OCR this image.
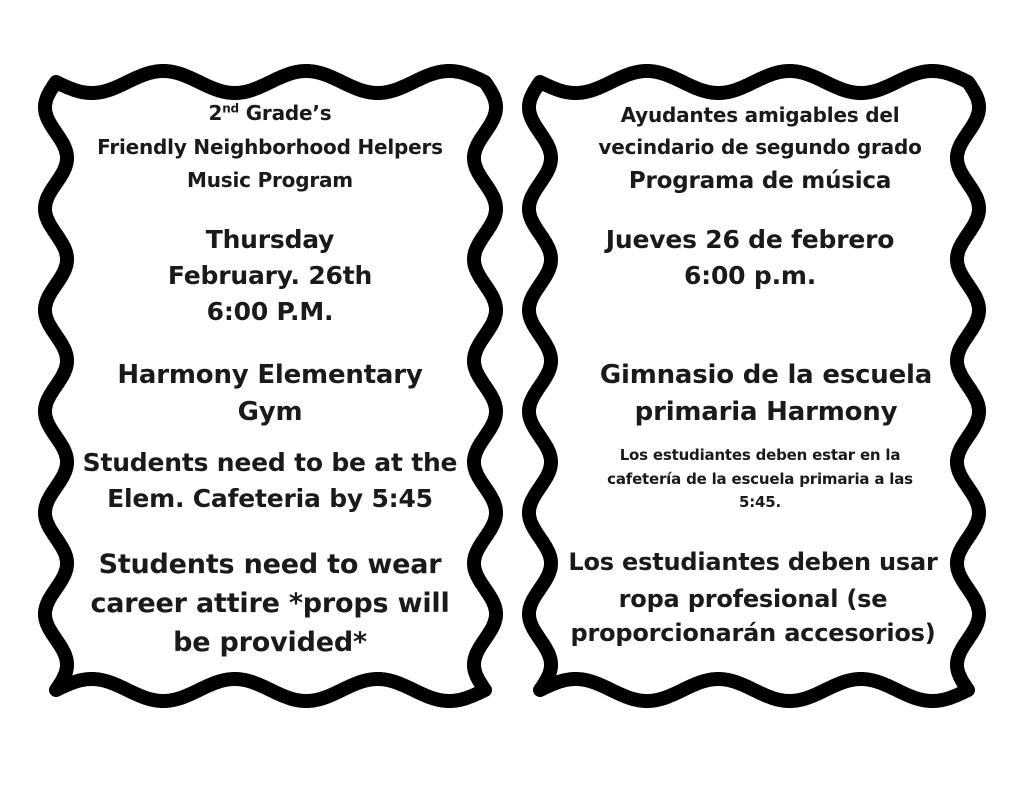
2nd Grade’s
Friendly Neighborhood Helpers
Music Program
Thursday
February. 26th
6:00 P.M.
Harmony Elementary
Gym
Students need to be at the
Elem. Cafeteria by 5:45
Students need to wear
career attire *props will
be provided*
Ayudantes amigables del
vecindario de segundo grado
Programa de música
Jueves 26 de febrero
6:00 p.m.
Gimnasio de la escuela
primaria Harmony
Los estudiantes deben estar en la
cafetería de la escuela primaria a las
5:45.
Los estudiantes deben usar
ropa profesional (se
proporcionarán accesorios)
